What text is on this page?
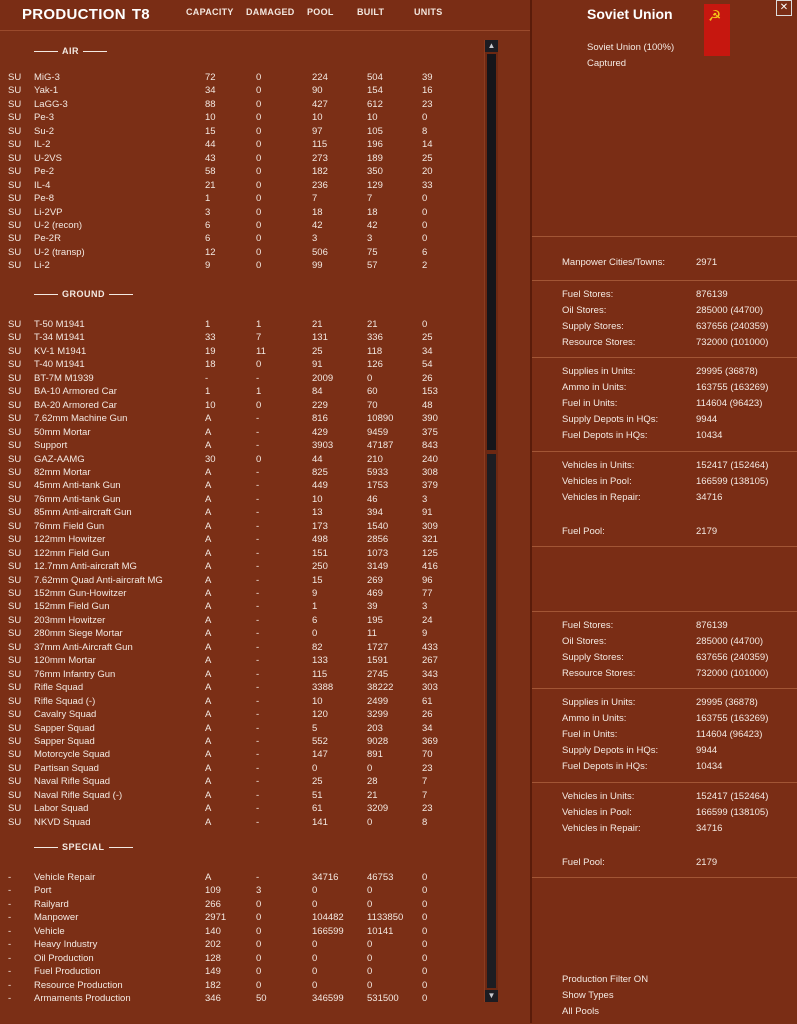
PRODUCTION T8	CAPACITY DAMAGED POOL	BUILT	UNITS
AIR
SU MiG-3	72	0	224	504	39
SU Yak-1	34	0	90	154	16
SU LaGG-3	88	0	427	612	23
SU Pe-3	10	0	10	10	0
SU Su-2	15	0	97	105	8
SU IL-2	44	0	115	196	14
SU U-2VS	43	0	273	189	25
SU Pe-2	58	0	182	350	20
SU IL-4	21	0	236	129	33
SU Pe-8	1	0	7	7	0
SU Li-2VP	3	0	18	18	0
SU U-2 (recon)	6	0	42	42	0
SU Pe-2R	6	0	3	3	0
SU U-2 (transp)	12	0	506	75	6
SU Li-2	9	0	99	57	2
GROUND
SU T-50 M1941	1	1	21	21	0
SU T-34 M1941	33	7	131	336	25
SU KV-1 M1941	19	11	25	118	34
SU T-40 M1941	18	0	91	126	54
SU BT-7M M1939	-	-	2009	0	26
SU BA-10 Armored Car	1	1	84	60	153
SU BA-20 Armored Car	10	0	229	70	48
SU 7.62mm Machine Gun	A	-	816	10890	390
SU 50mm Mortar	A	-	429	9459	375
SU Support	A	-	3903	47187	843
SU GAZ-AAMG	30	0	44	210	240
SU 82mm Mortar	A	-	825	5933	308
SU 45mm Anti-tank Gun	A	-	449	1753	379
SU 76mm Anti-tank Gun	A	-	10	46	3
SU 85mm Anti-aircraft Gun	A	-	13	394	91
SU 76mm Field Gun	A	-	173	1540	309
SU 122mm Howitzer	A	-	498	2856	321
SU 122mm Field Gun	A	-	151	1073	125
SU 12.7mm Anti-aircraft MG	A	-	250	3149	416
SU 7.62mm Quad Anti-aircraft MG	A	-	15	269	96
SU 152mm Gun-Howitzer	A	-	9	469	77
SU 152mm Field Gun	A	-	1	39	3
SU 203mm Howitzer	A	-	6	195	24
SU 280mm Siege Mortar	A	-	0	11	9
SU 37mm Anti-Aircraft Gun	A	-	82	1727	433
SU 120mm Mortar	A	-	133	1591	267
SU 76mm Infantry Gun	A	-	115	2745	343
SU Rifle Squad	A	-	3388	38222	303
SU Rifle Squad (-)	A	-	10	2499	61
SU Cavalry Squad	A	-	120	3299	26
SU Sapper Squad	A	-	5	203	34
SU Sapper Squad	A	-	552	9028	369
SU Motorcycle Squad	A	-	147	891	70
SU Partisan Squad	A	-	0	0	23
SU Naval Rifle Squad	A	-	25	28	7
SU Naval Rifle Squad (-)	A	-	51	21	7
SU Labor Squad	A	-	61	3209	23
SU NKVD Squad	A	-	141	0	8
SPECIAL
- Vehicle Repair	A	-	34716	46753	0
- Port	109	3	0	0	0
- Railyard	266	0	0	0	0
- Manpower	2971	0	104482 1133850 0
- Vehicle	140	0	166599 10141	0
- Heavy Industry	202	0	0	0	0
- Oil Production	128	0	0	0	0
- Fuel Production	149	0	0	0	0
- Resource Production	182	0	0	0	0
- Armaments Production	346	50	346599 531500 0
▲
▼
Soviet Union
Soviet Union (100%)
Captured
Manpower Cities/Towns:	2971
Production Filter ON
Show Types
All Pools
Fuel Stores:	876139
Oil Stores:	285000 (44700)
Supply Stores:	637656 (240359)
Resource Stores:	732000 (101000)
Supplies in Units:	29995 (36878)
Ammo in Units:	163755 (163269)
Fuel in Units:	114604 (96423)
Supply Depots in HQs:	9944
Fuel Depots in HQs:	10434
Vehicles in Units:	152417 (152464)
Vehicles in Pool:	166599 (138105)
Vehicles in Repair:	34716
Fuel Pool:	2179
Fuel Stores:	876139
Oil Stores:	285000 (44700)
Supply Stores:	637656 (240359)
Resource Stores:	732000 (101000)
Supplies in Units:	29995 (36878)
Ammo in Units:	163755 (163269)
Fuel in Units:	114604 (96423)
Supply Depots in HQs:	9944
Fuel Depots in HQs:	10434
Vehicles in Units:	152417 (152464)
Vehicles in Pool:	166599 (138105)
Vehicles in Repair:	34716
Fuel Pool:	2179
☭	✕
